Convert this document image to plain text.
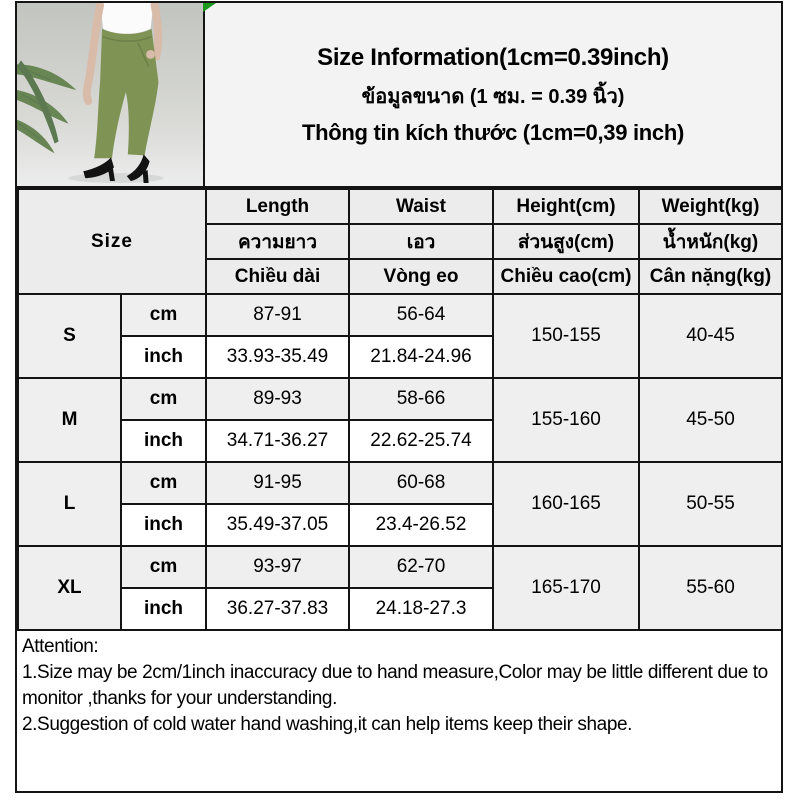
Size Information(1cm=0.39inch)
ข้อมูลขนาด (1 ซม. = 0.39 นิ้ว)
Thông tin kích thước (1cm=0,39 inch)
Size		Length	Waist	Height(cm)	Weight(kg)
		ความยาว	เอว	ส่วนสูง(cm)	น้ำหนัก(kg)
		Chiều dài	Vòng eo	Chiều cao(cm)	Cân nặng(kg)
S	cm	87-91	56-64	150-155	40-45
	inch	33.93-35.49	21.84-24.96		
M	cm	89-93	58-66	155-160	45-50
	inch	34.71-36.27	22.62-25.74		
L	cm	91-95	60-68	160-165	50-55
	inch	35.49-37.05	23.4-26.52		
XL	cm	93-97	62-70	165-170	55-60
	inch	36.27-37.83	24.18-27.3		

Attention:

1.Size may be 2cm/1inch inaccuracy due to hand measure,Color may be little different due to monitor ,thanks for your understanding.

2.Suggestion of cold water hand washing,it can help items keep their shape.
